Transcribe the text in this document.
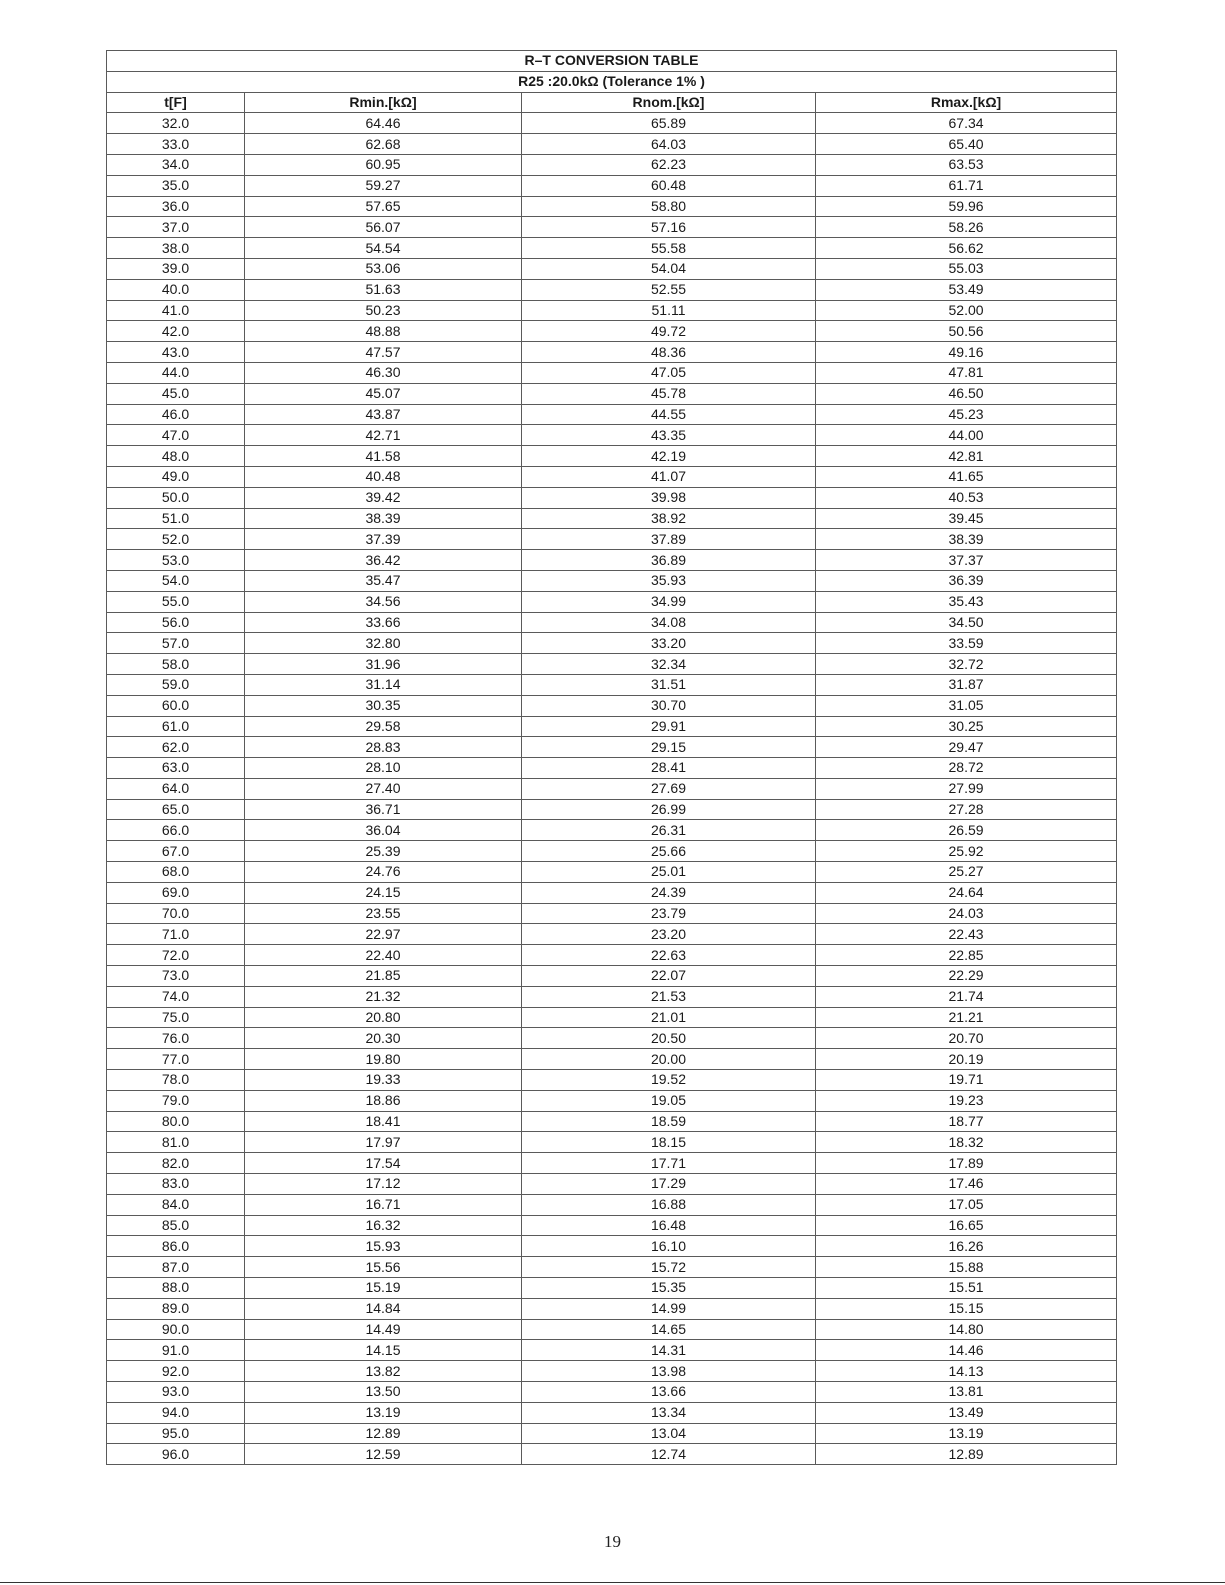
R–T CONVERSION TABLE			
R25 :20.0kΩ (Tolerance 1% )			
t[F]	Rmin.[kΩ]	Rnom.[kΩ]	Rmax.[kΩ]
32.0	64.46	65.89	67.34
33.0	62.68	64.03	65.40
34.0	60.95	62.23	63.53
35.0	59.27	60.48	61.71
36.0	57.65	58.80	59.96
37.0	56.07	57.16	58.26
38.0	54.54	55.58	56.62
39.0	53.06	54.04	55.03
40.0	51.63	52.55	53.49
41.0	50.23	51.11	52.00
42.0	48.88	49.72	50.56
43.0	47.57	48.36	49.16
44.0	46.30	47.05	47.81
45.0	45.07	45.78	46.50
46.0	43.87	44.55	45.23
47.0	42.71	43.35	44.00
48.0	41.58	42.19	42.81
49.0	40.48	41.07	41.65
50.0	39.42	39.98	40.53
51.0	38.39	38.92	39.45
52.0	37.39	37.89	38.39
53.0	36.42	36.89	37.37
54.0	35.47	35.93	36.39
55.0	34.56	34.99	35.43
56.0	33.66	34.08	34.50
57.0	32.80	33.20	33.59
58.0	31.96	32.34	32.72
59.0	31.14	31.51	31.87
60.0	30.35	30.70	31.05
61.0	29.58	29.91	30.25
62.0	28.83	29.15	29.47
63.0	28.10	28.41	28.72
64.0	27.40	27.69	27.99
65.0	36.71	26.99	27.28
66.0	36.04	26.31	26.59
67.0	25.39	25.66	25.92
68.0	24.76	25.01	25.27
69.0	24.15	24.39	24.64
70.0	23.55	23.79	24.03
71.0	22.97	23.20	22.43
72.0	22.40	22.63	22.85
73.0	21.85	22.07	22.29
74.0	21.32	21.53	21.74
75.0	20.80	21.01	21.21
76.0	20.30	20.50	20.70
77.0	19.80	20.00	20.19
78.0	19.33	19.52	19.71
79.0	18.86	19.05	19.23
80.0	18.41	18.59	18.77
81.0	17.97	18.15	18.32
82.0	17.54	17.71	17.89
83.0	17.12	17.29	17.46
84.0	16.71	16.88	17.05
85.0	16.32	16.48	16.65
86.0	15.93	16.10	16.26
87.0	15.56	15.72	15.88
88.0	15.19	15.35	15.51
89.0	14.84	14.99	15.15
90.0	14.49	14.65	14.80
91.0	14.15	14.31	14.46
92.0	13.82	13.98	14.13
93.0	13.50	13.66	13.81
94.0	13.19	13.34	13.49
95.0	12.89	13.04	13.19
96.0	12.59	12.74	12.89
19
